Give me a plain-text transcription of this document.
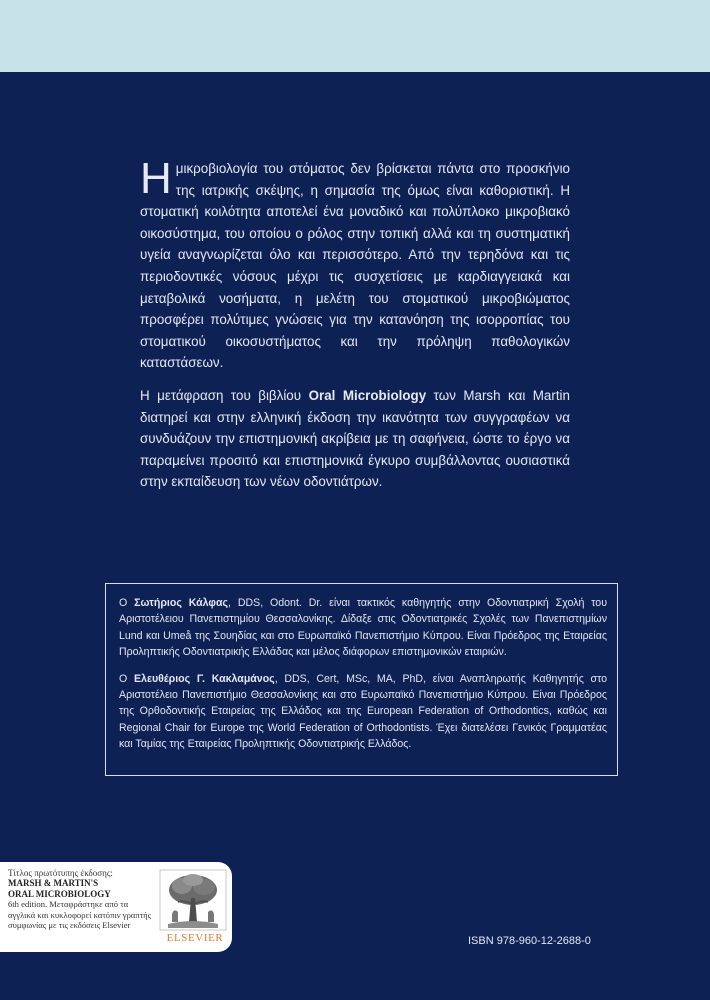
Ημικροβιολογία του στόματος δεν βρίσκεται πάντα στο προσκήνιο της ιατρικής σκέψης, η σημασία της όμως είναι καθοριστική. Η στοματική κοιλότητα αποτελεί ένα μοναδικό και πολύπλοκο μικροβιακό οικοσύστημα, του οποίου ο ρόλος στην τοπική αλλά και τη συστηματική υγεία αναγνωρίζεται όλο και περισσότερο. Από την τερηδόνα και τις περιοδοντικές νόσους μέχρι τις συσχετίσεις με καρδιαγγειακά και μεταβολικά νοσήματα, η μελέτη του στοματικού μικροβιώματος προσφέρει πολύτιμες γνώσεις για την κατανόηση της ισορροπίας του στοματικού οικοσυστήματος και την πρόληψη παθολογικών καταστάσεων.

Η μετάφραση του βιβλίου Oral Microbiology των Marsh και Martin διατηρεί και στην ελληνική έκδοση την ικανότητα των συγγραφέων να συνδυάζουν την επιστημονική ακρίβεια με τη σαφήνεια, ώστε το έργο να παραμείνει προσιτό και επιστημονικά έγκυρο συμβάλλοντας ουσιαστικά στην εκπαίδευση των νέων οδοντιάτρων.

Ο Σωτήριος Κάλφας, DDS, Odont. Dr. είναι τακτικός καθηγητής στην Οδοντιατρική Σχολή του Αριστοτέλειου Πανεπιστημίου Θεσσαλονίκης. Δίδαξε στις Οδοντιατρικές Σχολές των Πανεπιστημίων Lund και Umeå της Σουηδίας και στο Ευρωπαϊκό Πανεπιστήμιο Κύπρου. Είναι Πρόεδρος της Εταιρείας Προληπτικής Οδοντιατρικής Ελλάδας και μέλος διάφορων επιστημονικών εταιριών.

Ο Ελευθέριος Γ. Κακλαμάνος, DDS, Cert, MSc, MA, PhD, είναι Αναπληρωτής Καθηγητής στο Αριστοτέλειο Πανεπιστήμιο Θεσσαλονίκης και στο Ευρωπαϊκό Πανεπιστήμιο Κύπρου. Είναι Πρόεδρος της Ορθοδοντικής Εταιρείας της Ελλάδος και της European Federation of Orthodontics, καθώς και Regional Chair for Europe της World Federation of Orthodontists. Έχει διατελέσει Γενικός Γραμματέας και Ταμίας της Εταιρείας Προληπτικής Οδοντιατρικής Ελλάδος.

Τίτλος πρωτότυπης έκδοσης:
MARSH & MARTIN'S
ORAL MICROBIOLOGY
6th edition. Μεταφράστηκε από τα αγγλικά και κυκλοφορεί κατόπιν γραπτής συμφωνίας με τις εκδόσεις Elsevier
ELSEVIER	ISBN 978-960-12-2688-0
